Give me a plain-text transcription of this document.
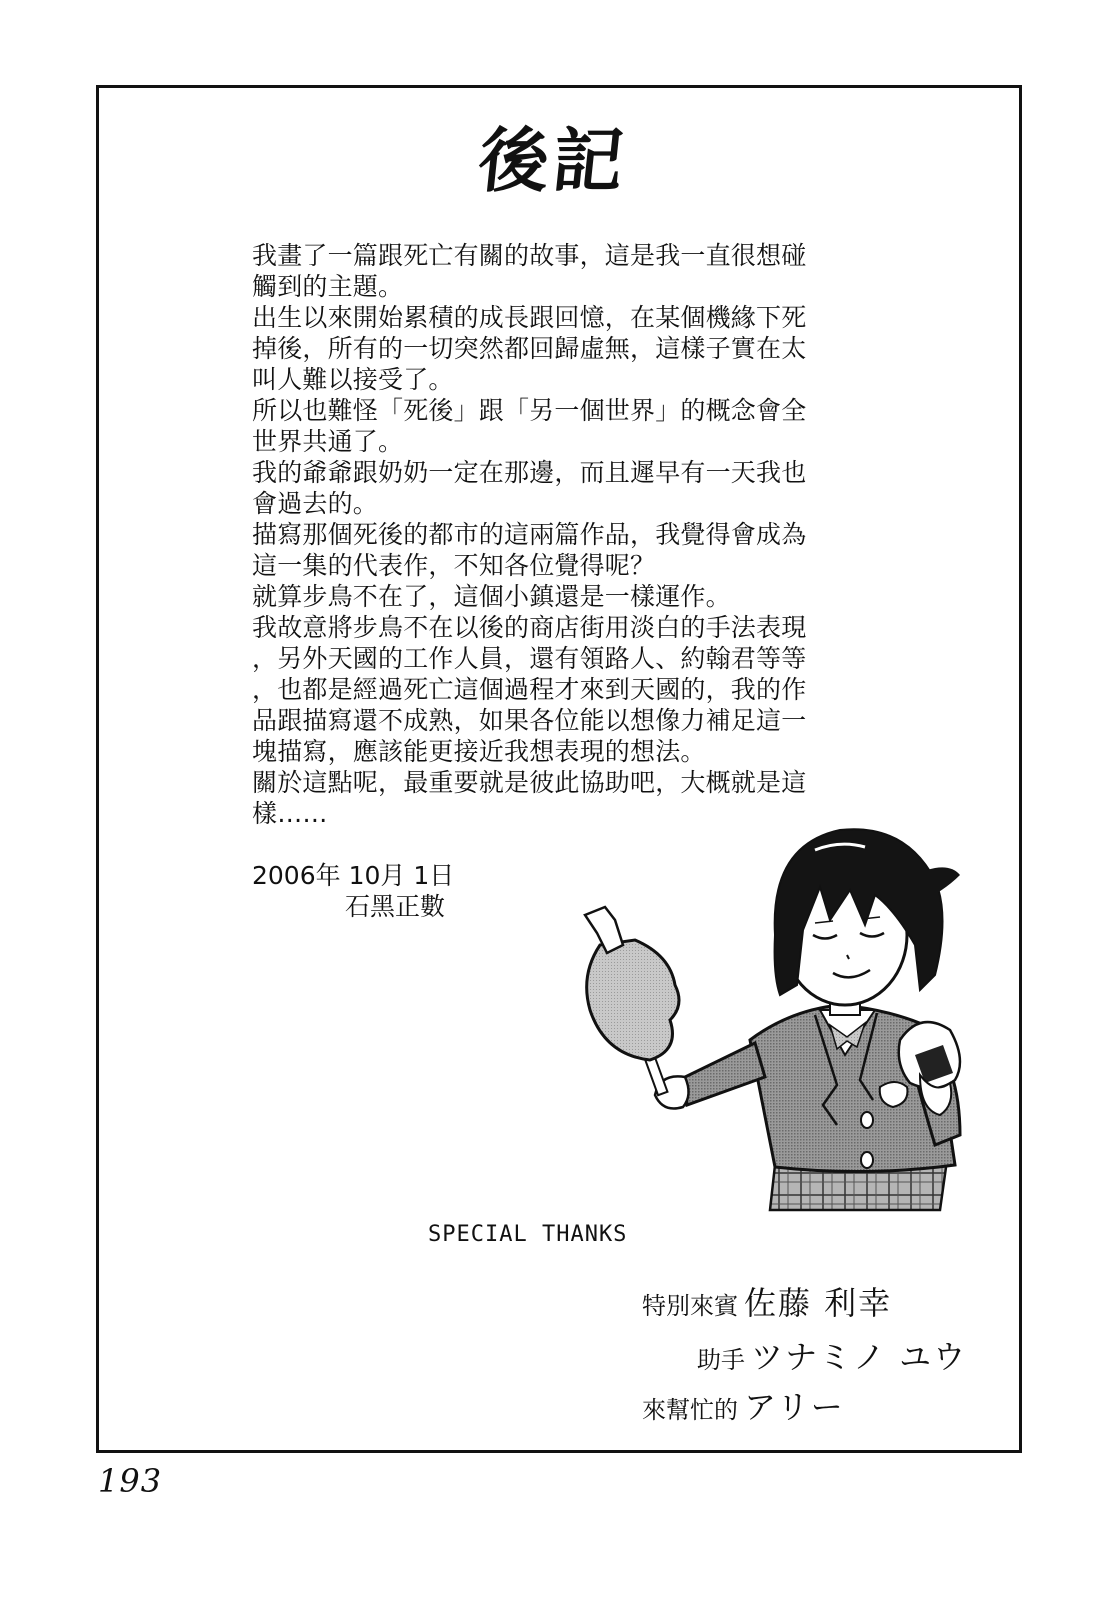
後記
我畫了一篇跟死亡有關的故事，這是我一直很想碰
觸到的主題。
出生以來開始累積的成長跟回憶，在某個機緣下死
掉後，所有的一切突然都回歸虛無，這樣子實在太
叫人難以接受了。
所以也難怪「死後」跟「另一個世界」的概念會全
世界共通了。
我的爺爺跟奶奶一定在那邊，而且遲早有一天我也
會過去的。
描寫那個死後的都市的這兩篇作品，我覺得會成為
這一集的代表作，不知各位覺得呢？
就算步鳥不在了，這個小鎮還是一樣運作。
我故意將步鳥不在以後的商店街用淡白的手法表現
，另外天國的工作人員，還有領路人、約翰君等等
，也都是經過死亡這個過程才來到天國的，我的作
品跟描寫還不成熟，如果各位能以想像力補足這一
塊描寫，應該能更接近我想表現的想法。
關於這點呢，最重要就是彼此協助吧，大概就是這
樣……
2006年 10月 1日
石黑正數
SPECIAL THANKS
特別來賓 佐藤 利幸
助手 ツナミノ ユウ
來幫忙的 アリー
193
